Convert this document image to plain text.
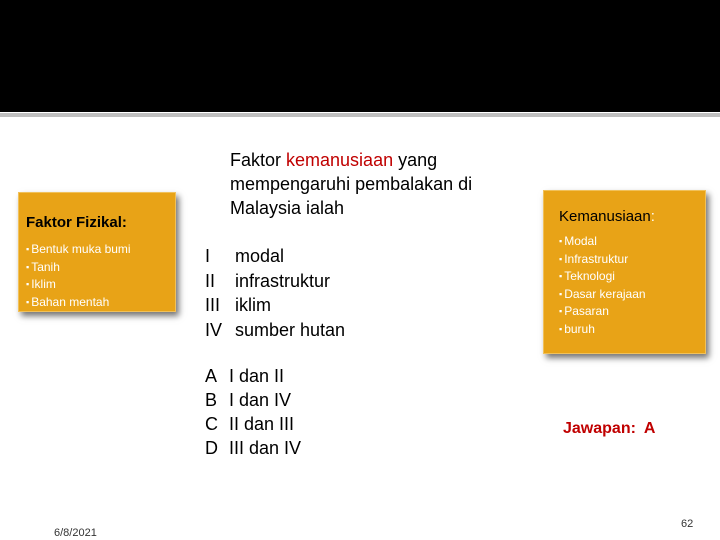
Faktor Fizikal:
▪ Bentuk muka bumi
▪ Tanih
▪ Iklim
▪ Bahan mentah
Faktor kemanusiaan yang
mempengaruhi pembalakan di
Malaysia ialah
I	modal
II	infrastruktur
III iklim
IV sumber hutan
A I dan II
B I dan IV
C II dan III
D III dan IV
Kemanusiaan:
▪ Modal
▪ Infrastruktur
▪ Teknologi
▪ Dasar kerajaan
▪ Pasaran
▪ buruh
Jawapan: A
6/8/2021
62
